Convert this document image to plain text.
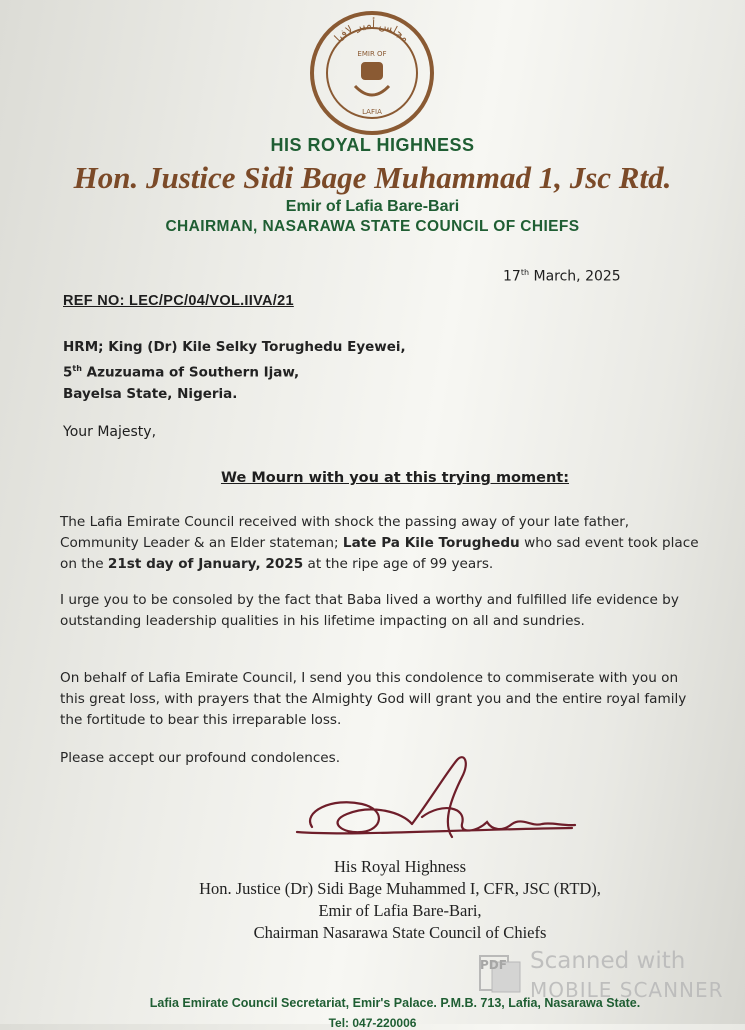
مجلس أمير لافيا
EMIR OF
LAFIA
HIS ROYAL HIGHNESS
Hon. Justice Sidi Bage Muhammad 1, Jsc Rtd.
Emir of Lafia Bare-Bari
CHAIRMAN, NASARAWA STATE COUNCIL OF CHIEFS
17th March, 2025
REF NO: LEC/PC/04/VOL.IIVA/21
HRM; King (Dr) Kile Selky Torughedu Eyewei,
5th Azuzuama of Southern Ijaw,
Bayelsa State, Nigeria.
Your Majesty,
We Mourn with you at this trying moment:
The Lafia Emirate Council received with shock the passing away of your late father, Community Leader & an Elder stateman; Late Pa Kile Torughedu who sad event took place on the 21st day of January, 2025 at the ripe age of 99 years.
I urge you to be consoled by the fact that Baba lived a worthy and fulfilled life evidence by outstanding leadership qualities in his lifetime impacting on all and sundries.
On behalf of Lafia Emirate Council, I send you this condolence to commiserate with you on this great loss, with prayers that the Almighty God will grant you and the entire royal family the fortitude to bear this irreparable loss.
Please accept our profound condolences.
His Royal Highness
Hon. Justice (Dr) Sidi Bage Muhammed I, CFR, JSC (RTD),
Emir of Lafia Bare-Bari,
Chairman Nasarawa State Council of Chiefs
PDF Scanned with
MOBILE SCANNER
Lafia Emirate Council Secretariat, Emir's Palace. P.M.B. 713, Lafia, Nasarawa State.
Tel: 047-220006
